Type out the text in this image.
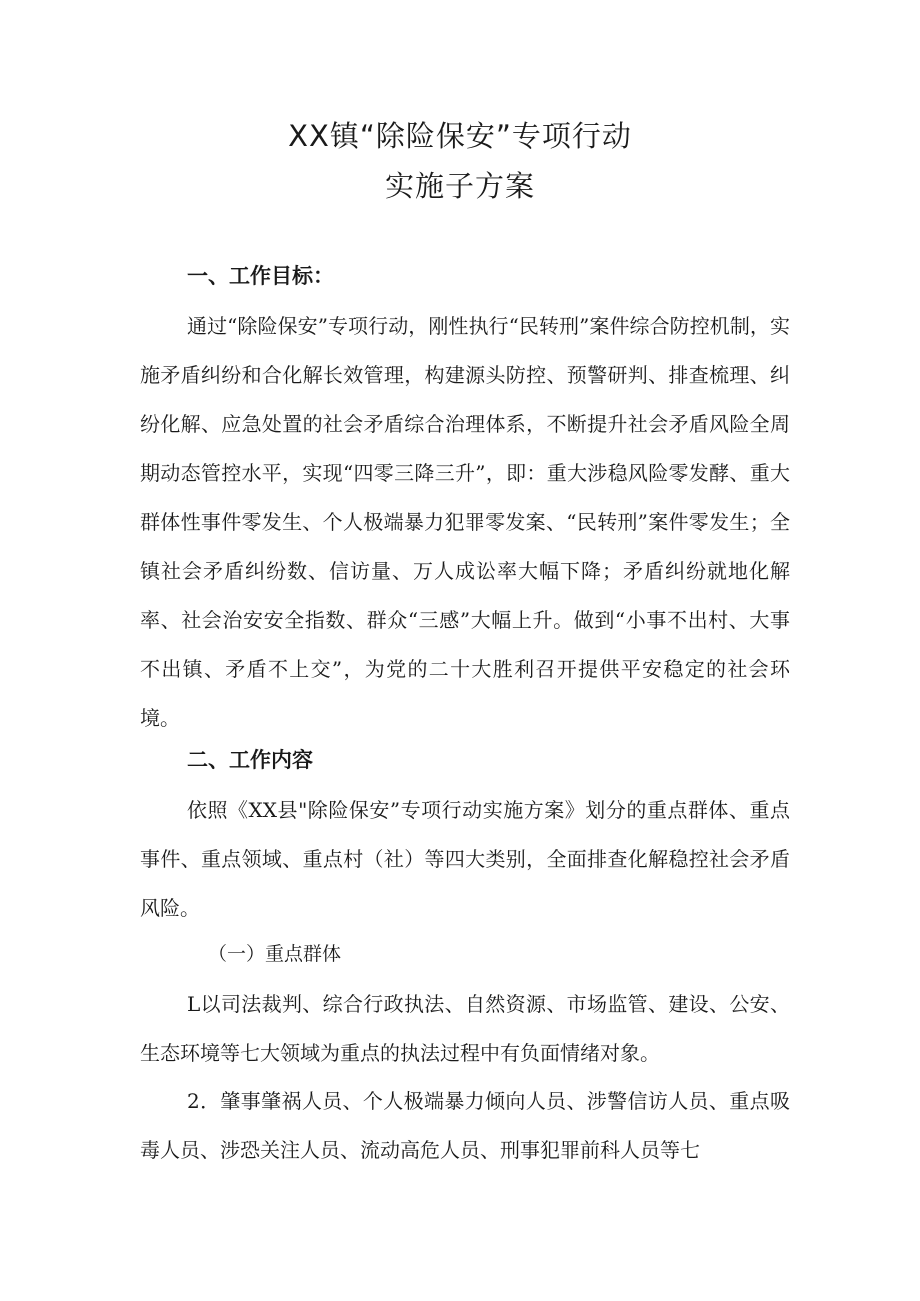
XX镇“除险保安”专项行动
实施子方案
一、工作目标：

通过“除险保安”专项行动，刚性执行“民转刑”案件综合防控机制，实施矛盾纠纷和合化解长效管理，构建源头防控、预警研判、排查梳理、纠纷化解、应急处置的社会矛盾综合治理体系，不断提升社会矛盾风险全周期动态管控水平，实现“四零三降三升”，即：重大涉稳风险零发酵、重大群体性事件零发生、个人极端暴力犯罪零发案、“民转刑”案件零发生；全镇社会矛盾纠纷数、信访量、万人成讼率大幅下降；矛盾纠纷就地化解率、社会治安安全指数、群众“三感”大幅上升。做到“小事不出村、大事不出镇、矛盾不上交”，为党的二十大胜利召开提供平安稳定的社会环境。

二、工作内容

依照《XX县"除险保安”专项行动实施方案》划分的重点群体、重点事件、重点领域、重点村（社）等四大类别，全面排查化解稳控社会矛盾风险。

（一）重点群体

L以司法裁判、综合行政执法、自然资源、市场监管、建设、公安、生态环境等七大领域为重点的执法过程中有负面情绪对象。

2．肇事肇祸人员、个人极端暴力倾向人员、涉警信访人员、重点吸毒人员、涉恐关注人员、流动高危人员、刑事犯罪前科人员等七
